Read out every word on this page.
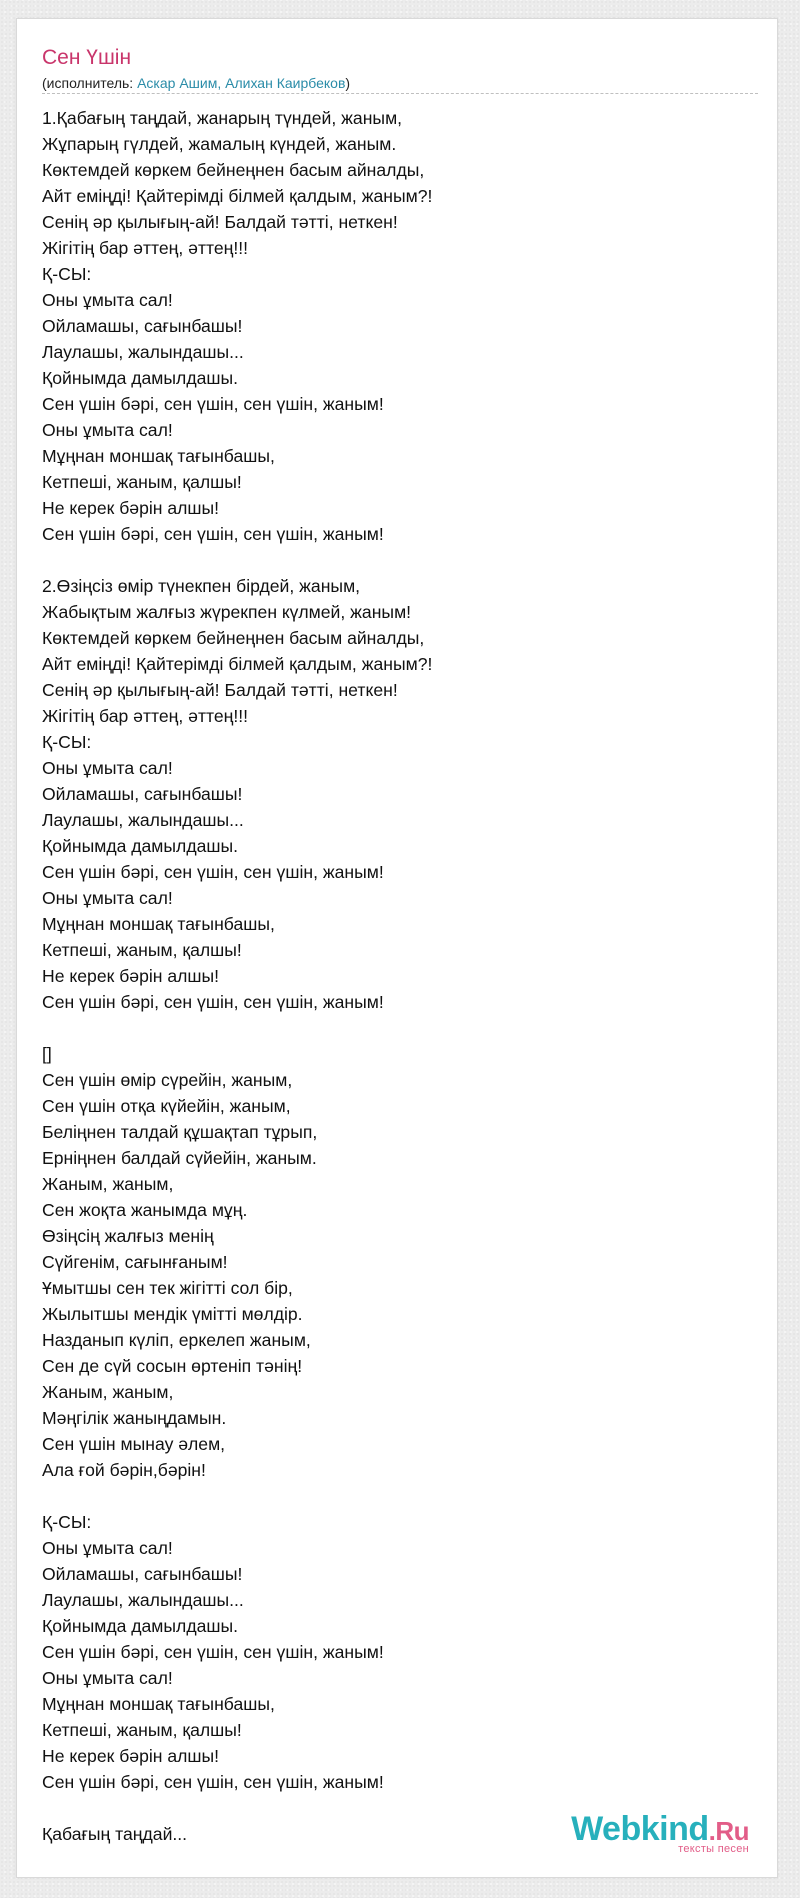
Сен Үшін
(исполнитель: Аскар Ашим, Алихан Каирбеков)
1.Қабағың таңдай, жанарың түндей, жаным,
Жұпарың гүлдей, жамалың күндей, жаным.
Көктемдей көркем бейнеңнен басым айналды,
Айт еміңді! Қайтерімді білмей қалдым, жаным?!
Сенің әр қылығың-ай! Балдай тәтті, неткен!
Жігітің бар әттең, әттең!!!
Қ-СЫ:
Оны ұмыта сал!
Ойламашы, сағынбашы!
Лаулашы, жалындашы...
Қойнымда дамылдашы.
Сен үшін бәрі, сен үшін, сен үшін, жаным!
Оны ұмыта сал!
Мұңнан моншақ тағынбашы,
Кетпеші, жаным, қалшы!
Не керек бәрін алшы!
Сен үшін бәрі, сен үшін, сен үшін, жаным!
2.Өзіңсіз өмір түнекпен бірдей, жаным,
Жабықтым жалғыз жүрекпен күлмей, жаным!
Көктемдей көркем бейнеңнен басым айналды,
Айт еміңді! Қайтерімді білмей қалдым, жаным?!
Сенің әр қылығың-ай! Балдай тәтті, неткен!
Жігітің бар әттең, әттең!!!
Қ-СЫ:
Оны ұмыта сал!
Ойламашы, сағынбашы!
Лаулашы, жалындашы...
Қойнымда дамылдашы.
Сен үшін бәрі, сен үшін, сен үшін, жаным!
Оны ұмыта сал!
Мұңнан моншақ тағынбашы,
Кетпеші, жаным, қалшы!
Не керек бәрін алшы!
Сен үшін бәрі, сен үшін, сен үшін, жаным!
[]
Сен үшін өмір сүрейін, жаным,
Сен үшін отқа күйейін, жаным,
Беліңнен талдай құшақтап тұрып,
Ерніңнен балдай сүйейін, жаным.
Жаным, жаным,
Сен жоқта жанымда мұң.
Өзіңсің жалғыз менің
Сүйгенім, сағынғаным!
Ұмытшы сен тек жігітті сол бір,
Жылытшы мендік үмітті мөлдір.
Назданып күліп, еркелеп жаным,
Сен де сүй сосын өртеніп тәнің!
Жаным, жаным,
Мәңгілік жаныңдамын.
Сен үшін мынау әлем,
Ала ғой бәрін,бәрін!
Қ-СЫ:
Оны ұмыта сал!
Ойламашы, сағынбашы!
Лаулашы, жалындашы...
Қойнымда дамылдашы.
Сен үшін бәрі, сен үшін, сен үшін, жаным!
Оны ұмыта сал!
Мұңнан моншақ тағынбашы,
Кетпеші, жаным, қалшы!
Не керек бәрін алшы!
Сен үшін бәрі, сен үшін, сен үшін, жаным!
Қабағың таңдай...	Webkind.Ru
тексты песен
